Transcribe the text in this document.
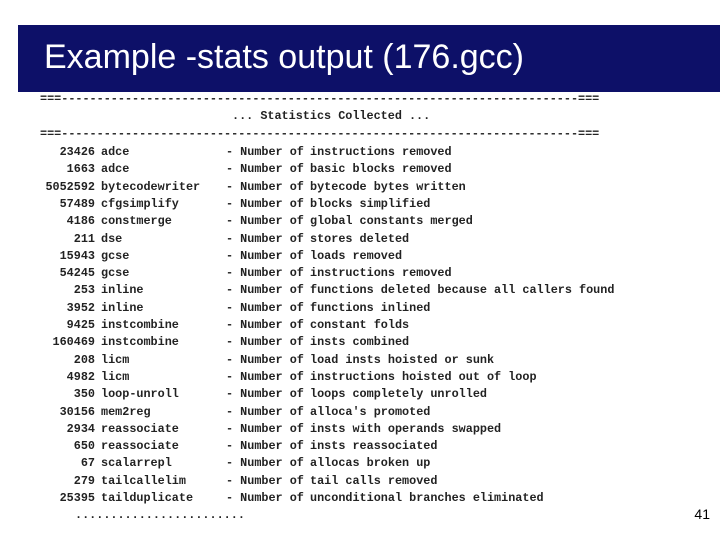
Example -stats output (176.gcc)
===-------------------------------------------------------------------------===
... Statistics Collected ...
===-------------------------------------------------------------------------===
23426 adce	- Number of instructions removed
1663 adce	- Number of basic blocks removed
5052592 bytecodewriter - Number of bytecode bytes written
57489 cfgsimplify	- Number of blocks simplified
4186 constmerge	- Number of global constants merged
211 dse	- Number of stores deleted
15943 gcse	- Number of loads removed
54245 gcse	- Number of instructions removed
253 inline	- Number of functions deleted because all callers found
3952 inline	- Number of functions inlined
9425 instcombine	- Number of constant folds
160469 instcombine	- Number of insts combined
208 licm	- Number of load insts hoisted or sunk
4982 licm	- Number of instructions hoisted out of loop
350 loop-unroll	- Number of loops completely unrolled
30156 mem2reg	- Number of alloca's promoted
2934 reassociate	- Number of insts with operands swapped
650 reassociate	- Number of insts reassociated
67 scalarrepl	- Number of allocas broken up
279 tailcallelim	- Number of tail calls removed
25395 tailduplicate	- Number of unconditional branches eliminated
........................	41
